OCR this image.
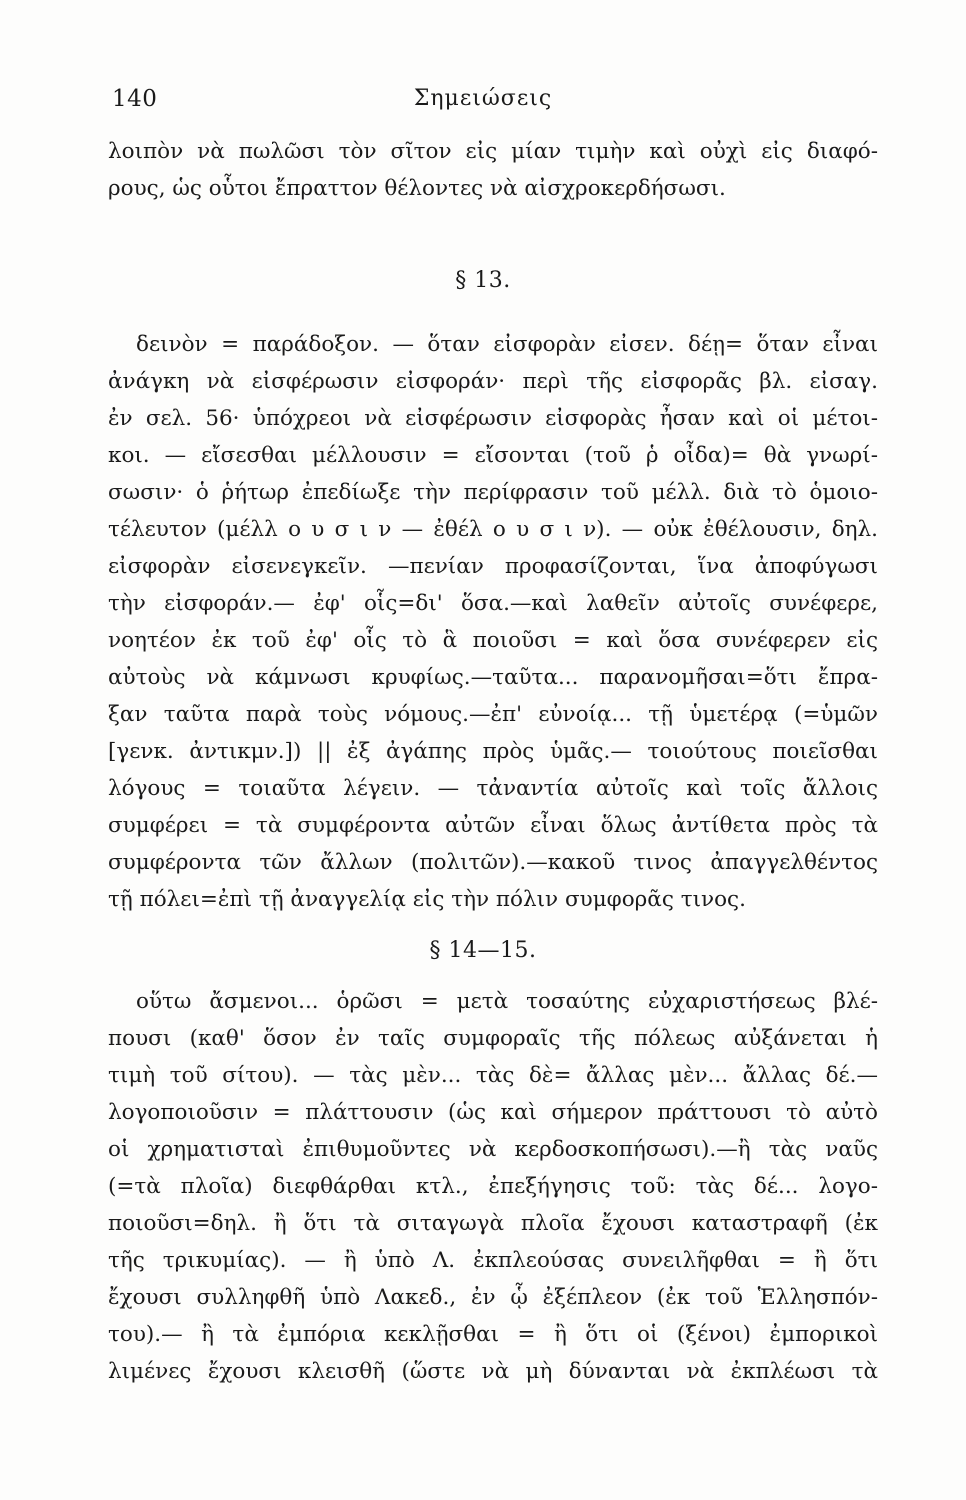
140	Σημειώσεις
λοιπὸν νὰ πωλῶσι τὸν σῖτον εἰς μίαν τιμὴν καὶ οὐχὶ εἰς διαφό-
ρους, ὡς οὗτοι ἔπραττον θέλοντες νὰ αἰσχροκερδήσωσι.
§ 13.
δεινὸν = παράδοξον. — ὅταν εἰσφορὰν εἰσεν. δέῃ= ὅταν εἶναι
ἀνάγκη νὰ εἰσφέρωσιν εἰσφοράν· περὶ τῆς εἰσφορᾶς βλ. εἰσαγ.
ἐν σελ. 56· ὑπόχρεοι νὰ εἰσφέρωσιν εἰσφορὰς ἦσαν καὶ οἱ μέτοι-
κοι. — εἴσεσθαι μέλλουσιν = εἴσονται (τοῦ ῥ οἶδα)= θὰ γνωρί-
σωσιν· ὁ ῥήτωρ ἐπεδίωξε τὴν περίφρασιν τοῦ μέλλ. διὰ τὸ ὁμοιο-
τέλευτον (μέλλ ο υ σ ι ν — ἐθέλ ο υ σ ι ν). — οὐκ ἐθέλουσιν, δηλ.
εἰσφορὰν εἰσενεγκεῖν. —πενίαν προφασίζονται, ἵνα ἀποφύγωσι
τὴν εἰσφοράν.— ἐφ' οἷς=δι' ὅσα.—καὶ λαθεῖν αὐτοῖς συνέφερε,
νοητέον ἐκ τοῦ ἐφ' οἷς τὸ ἃ ποιοῦσι = καὶ ὅσα συνέφερεν εἰς
αὐτοὺς νὰ κάμνωσι κρυφίως.—ταῦτα... παρανομῆσαι=ὅτι ἔπρα-
ξαν ταῦτα παρὰ τοὺς νόμους.—ἐπ' εὐνοίᾳ... τῇ ὑμετέρᾳ (=ὑμῶν
[γενκ. ἀντικμν.]) || ἐξ ἀγάπης πρὸς ὑμᾶς.— τοιούτους ποιεῖσθαι
λόγους = τοιαῦτα λέγειν. — τἀναντία αὐτοῖς καὶ τοῖς ἄλλοις
συμφέρει = τὰ συμφέροντα αὐτῶν εἶναι ὅλως ἀντίθετα πρὸς τὰ
συμφέροντα τῶν ἄλλων (πολιτῶν).—κακοῦ τινος ἀπαγγελθέντος
τῇ πόλει=ἐπὶ τῇ ἀναγγελίᾳ εἰς τὴν πόλιν συμφορᾶς τινος.
§ 14—15.
οὕτω ἄσμενοι... ὁρῶσι = μετὰ τοσαύτης εὐχαριστήσεως βλέ-
πουσι (καθ' ὅσον ἐν ταῖς συμφοραῖς τῆς πόλεως αὐξάνεται ἡ
τιμὴ τοῦ σίτου). — τὰς μὲν... τὰς δὲ= ἄλλας μὲν... ἄλλας δέ.—
λογοποιοῦσιν = πλάττουσιν (ὡς καὶ σήμερον πράττουσι τὸ αὐτὸ
οἱ χρηματισταὶ ἐπιθυμοῦντες νὰ κερδοσκοπήσωσι).—ἢ τὰς ναῦς
(=τὰ πλοῖα) διεφθάρθαι κτλ., ἐπεξήγησις τοῦ: τὰς δέ... λογο-
ποιοῦσι=δηλ. ἢ ὅτι τὰ σιταγωγὰ πλοῖα ἔχουσι καταστραφῆ (ἐκ
τῆς τρικυμίας). — ἢ ὑπὸ Λ. ἐκπλεούσας συνειλῆφθαι = ἢ ὅτι
ἔχουσι συλληφθῆ ὑπὸ Λακεδ., ἐν ᾧ ἐξέπλεον (ἐκ τοῦ Ἑλλησπόν-
του).— ἢ τὰ ἐμπόρια κεκλῇσθαι = ἢ ὅτι οἱ (ξένοι) ἐμπορικοὶ
λιμένες ἔχουσι κλεισθῆ (ὥστε νὰ μὴ δύνανται νὰ ἐκπλέωσι τὰ
